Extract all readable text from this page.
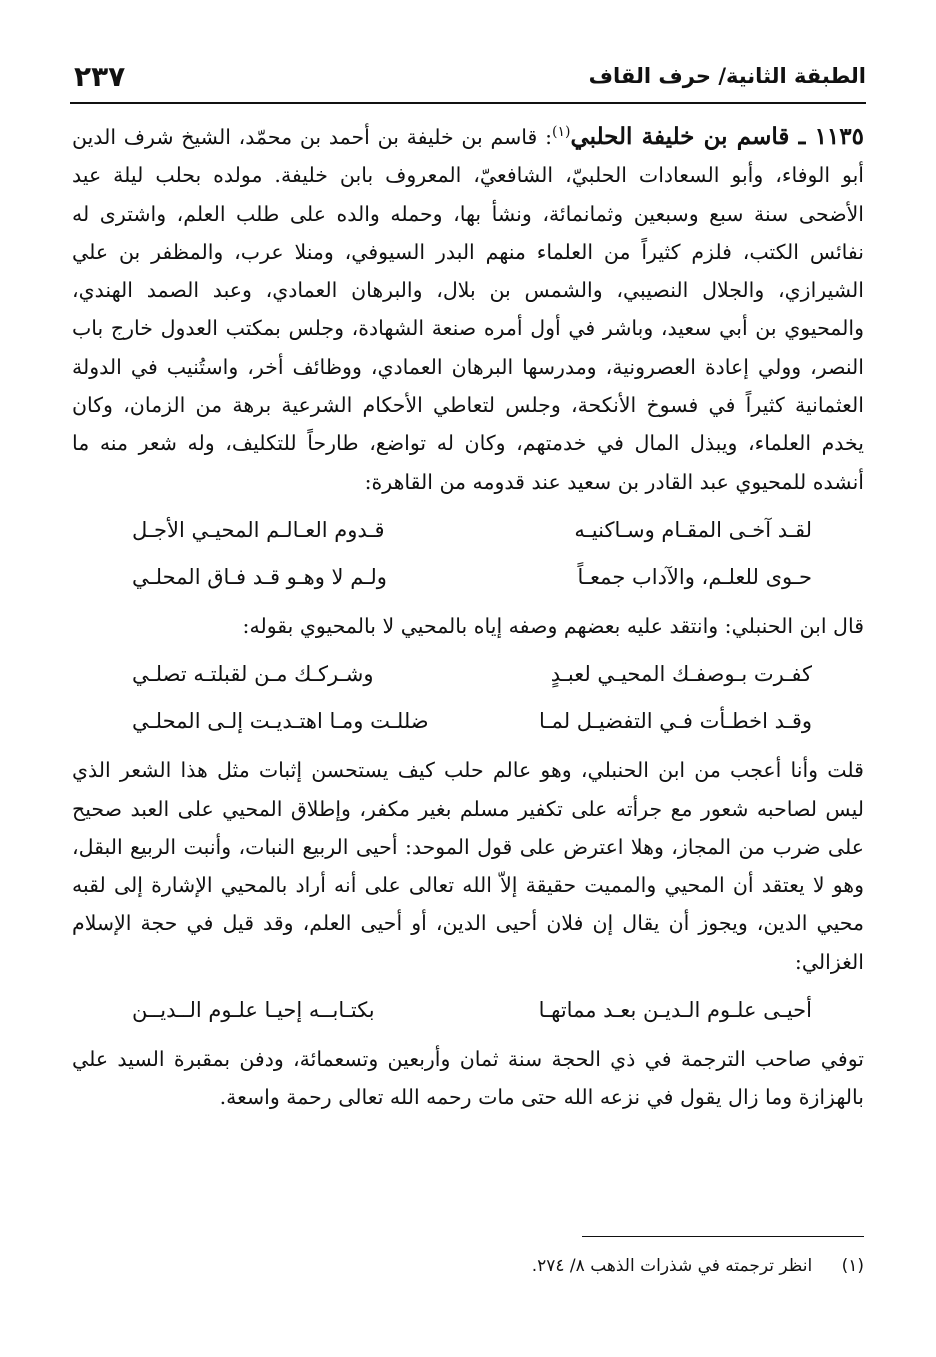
الطبقة الثانية/ حرف القاف
٢٣٧

١١٣٥ ـ قاسم بن خليفة الحلبي$^{(١)}$: قاسم بن خليفة بن أحمد بن محمّد، الشيخ شرف الدين أبو الوفاء، وأبو السعادات الحلبيّ، الشافعيّ، المعروف بابن خليفة. مولده بحلب ليلة عيد الأضحى سنة سبع وسبعين وثمانمائة، ونشأ بها، وحمله والده على طلب العلم، واشترى له نفائس الكتب، فلزم كثيراً من العلماء منهم البدر السيوفي، ومنلا عرب، والمظفر بن علي الشيرازي، والجلال النصيبي، والشمس بن بلال، والبرهان العمادي، وعبد الصمد الهندي، والمحيوي بن أبي سعيد، وباشر في أول أمره صنعة الشهادة، وجلس بمكتب العدول خارج باب النصر، وولي إعادة العصرونية، ومدرسها البرهان العمادي، ووظائف أخر، واستُنيب في الدولة العثمانية كثيراً في فسوخ الأنكحة، وجلس لتعاطي الأحكام الشرعية برهة من الزمان، وكان يخدم العلماء، ويبذل المال في خدمتهم، وكان له تواضع، طارحاً للتكليف، وله شعر منه ما أنشده للمحيوي عبد القادر بن سعيد عند قدومه من القاهرة:

لقـد آخـى المقـام وسـاكنيـه
قـدوم العـالـم المحيـي الأجـل
حـوى للعلـم، والآداب جمعـاً
ولـم لا وهـو قـد فـاق المحلـي

قال ابن الحنبلي: وانتقد عليه بعضهم وصفه إياه بالمحيي لا بالمحيوي بقوله:

كفـرت بـوصفـك المحيـي لعبـدٍ
وشـركـك مـن لقبلتـه تصلـي
وقـد اخطـأت فـي التفضيـل لمـا
ضللـت ومـا اهتـديـت إلـى المحلـي

قلت وأنا أعجب من ابن الحنبلي، وهو عالم حلب كيف يستحسن إثبات مثل هذا الشعر الذي ليس لصاحبه شعور مع جرأته على تكفير مسلم بغير مكفر، وإطلاق المحيي على العبد صحيح على ضرب من المجاز، وهلا اعترض على قول الموحد: أحيى الربيع النبات، وأنبت الربيع البقل، وهو لا يعتقد أن المحيي والمميت حقيقة إلاّ الله تعالى على أنه أراد بالمحيي الإشارة إلى لقبه محيي الدين، ويجوز أن يقال إن فلان أحيى الدين، أو أحيى العلم، وقد قيل في حجة الإسلام الغزالي:

أحيـى علـوم الـديـن بعـد مماتهـا
بكتـابــه إحيـا علـوم الــديــن

توفي صاحب الترجمة في ذي الحجة سنة ثمان وأربعين وتسعمائة، ودفن بمقبرة السيد علي بالهزازة وما زال يقول في نزعه الله حتى مات رحمه الله تعالى رحمة واسعة.

(١) انظر ترجمته في شذرات الذهب ٨/ ٢٧٤.
